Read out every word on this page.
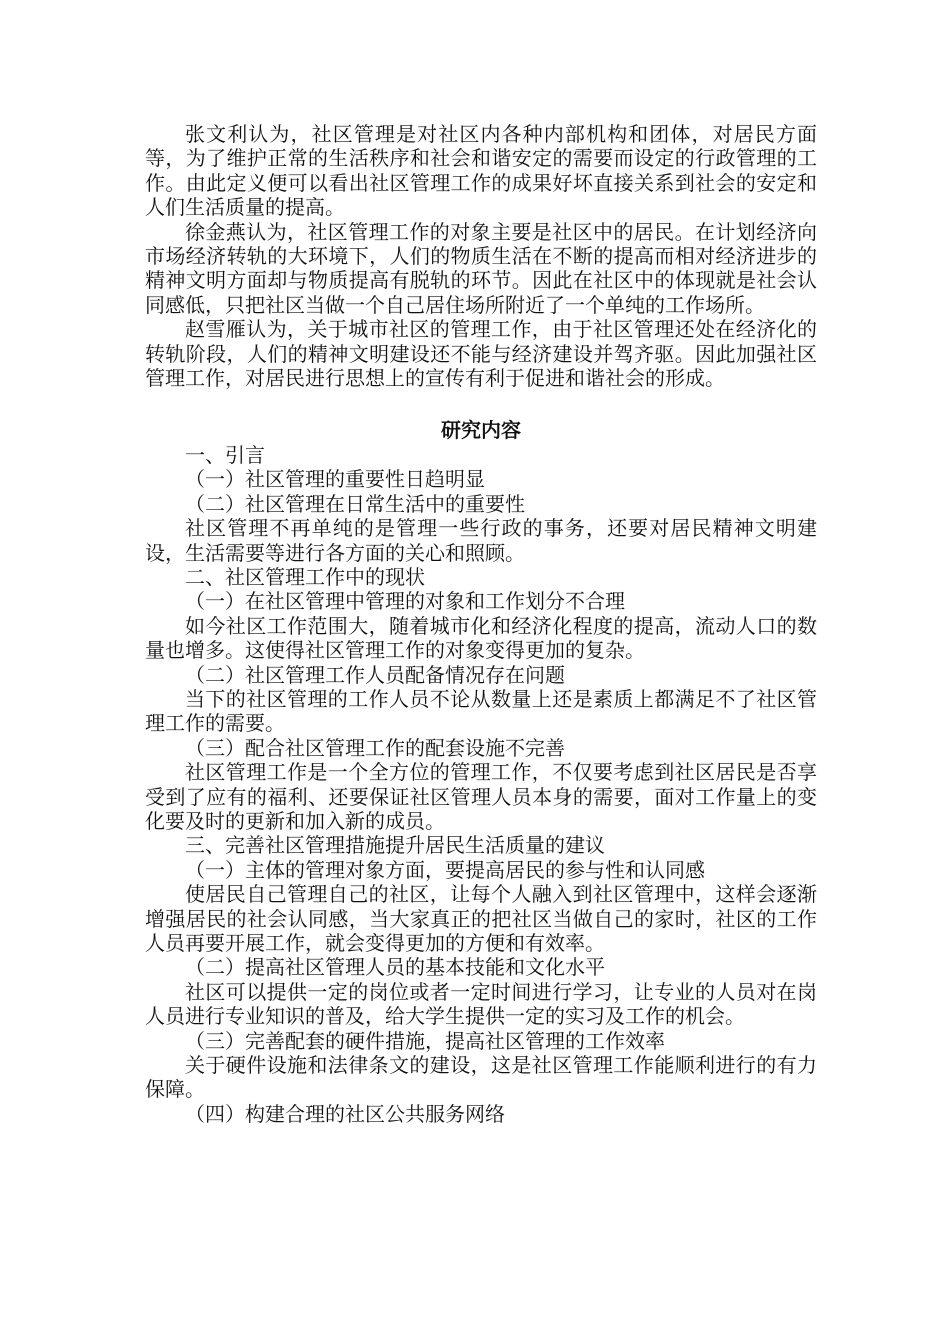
张文利认为，社区管理是对社区内各种内部机构和团体，对居民方面等，为了维护正常的生活秩序和社会和谐安定的需要而设定的行政管理的工作。由此定义便可以看出社区管理工作的成果好坏直接关系到社会的安定和人们生活质量的提高。

徐金燕认为，社区管理工作的对象主要是社区中的居民。在计划经济向市场经济转轨的大环境下，人们的物质生活在不断的提高而相对经济进步的精神文明方面却与物质提高有脱轨的环节。因此在社区中的体现就是社会认同感低，只把社区当做一个自己居住场所附近了一个单纯的工作场所。

赵雪雁认为，关于城市社区的管理工作，由于社区管理还处在经济化的转轨阶段，人们的精神文明建设还不能与经济建设并驾齐驱。因此加强社区管理工作，对居民进行思想上的宣传有利于促进和谐社会的形成。

研究内容

一、引言

（一）社区管理的重要性日趋明显

（二）社区管理在日常生活中的重要性

社区管理不再单纯的是管理一些行政的事务，还要对居民精神文明建设，生活需要等进行各方面的关心和照顾。

二、社区管理工作中的现状

（一）在社区管理中管理的对象和工作划分不合理

如今社区工作范围大，随着城市化和经济化程度的提高，流动人口的数量也增多。这使得社区管理工作的对象变得更加的复杂。

（二）社区管理工作人员配备情况存在问题

当下的社区管理的工作人员不论从数量上还是素质上都满足不了社区管理工作的需要。

（三）配合社区管理工作的配套设施不完善

社区管理工作是一个全方位的管理工作，不仅要考虑到社区居民是否享受到了应有的福利、还要保证社区管理人员本身的需要，面对工作量上的变化要及时的更新和加入新的成员。

三、完善社区管理措施提升居民生活质量的建议

（一）主体的管理对象方面，要提高居民的参与性和认同感

使居民自己管理自己的社区，让每个人融入到社区管理中，这样会逐渐增强居民的社会认同感，当大家真正的把社区当做自己的家时，社区的工作人员再要开展工作，就会变得更加的方便和有效率。

（二）提高社区管理人员的基本技能和文化水平

社区可以提供一定的岗位或者一定时间进行学习，让专业的人员对在岗人员进行专业知识的普及，给大学生提供一定的实习及工作的机会。

（三）完善配套的硬件措施，提高社区管理的工作效率

关于硬件设施和法律条文的建设，这是社区管理工作能顺利进行的有力保障。

（四）构建合理的社区公共服务网络
